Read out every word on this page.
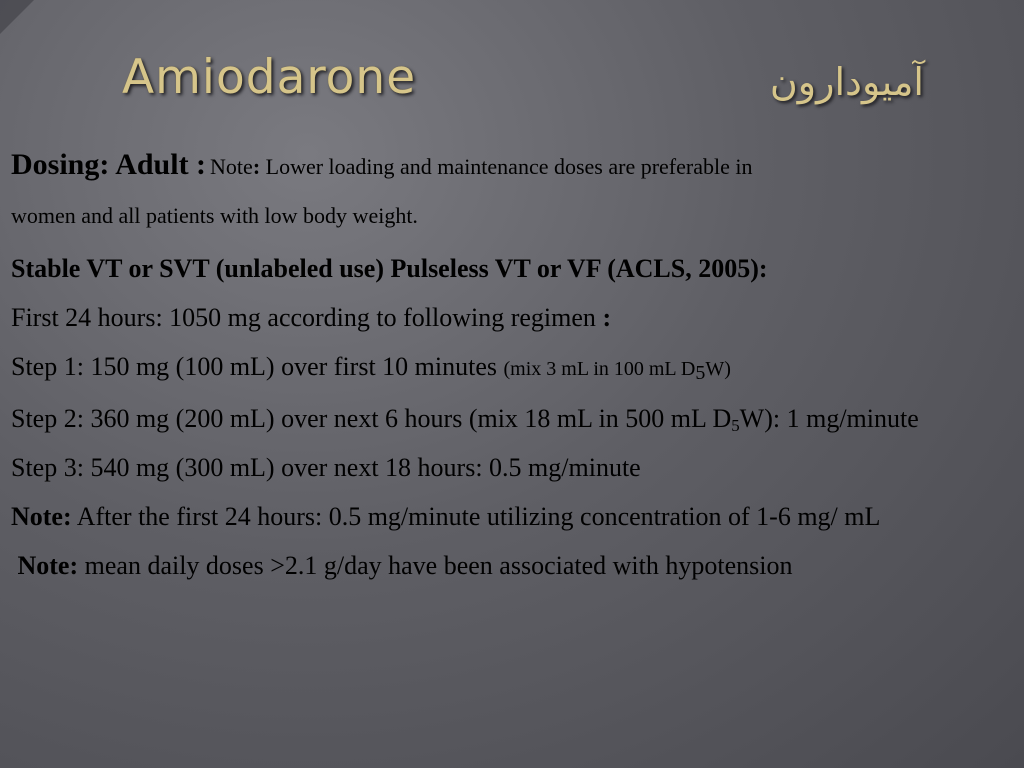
Amiodarone	آمیودارون

Dosing: Adult : Note: Lower loading and maintenance doses are preferable in
women and all patients with low body weight.

Stable VT or SVT (unlabeled use) Pulseless VT or VF (ACLS, 2005):

First 24 hours: 1050 mg according to following regimen :

Step 1: 150 mg (100 mL) over first 10 minutes (mix 3 mL in 100 mL $D_5W$)

Step 2: 360 mg (200 mL) over next 6 hours (mix 18 mL in 500 mL $D_5W$): 1 mg/minute

Step 3: 540 mg (300 mL) over next 18 hours: 0.5 mg/minute

Note: After the first 24 hours: 0.5 mg/minute utilizing concentration of 1-6 mg/ mL

Note: mean daily doses >2.1 g/day have been associated with hypotension
